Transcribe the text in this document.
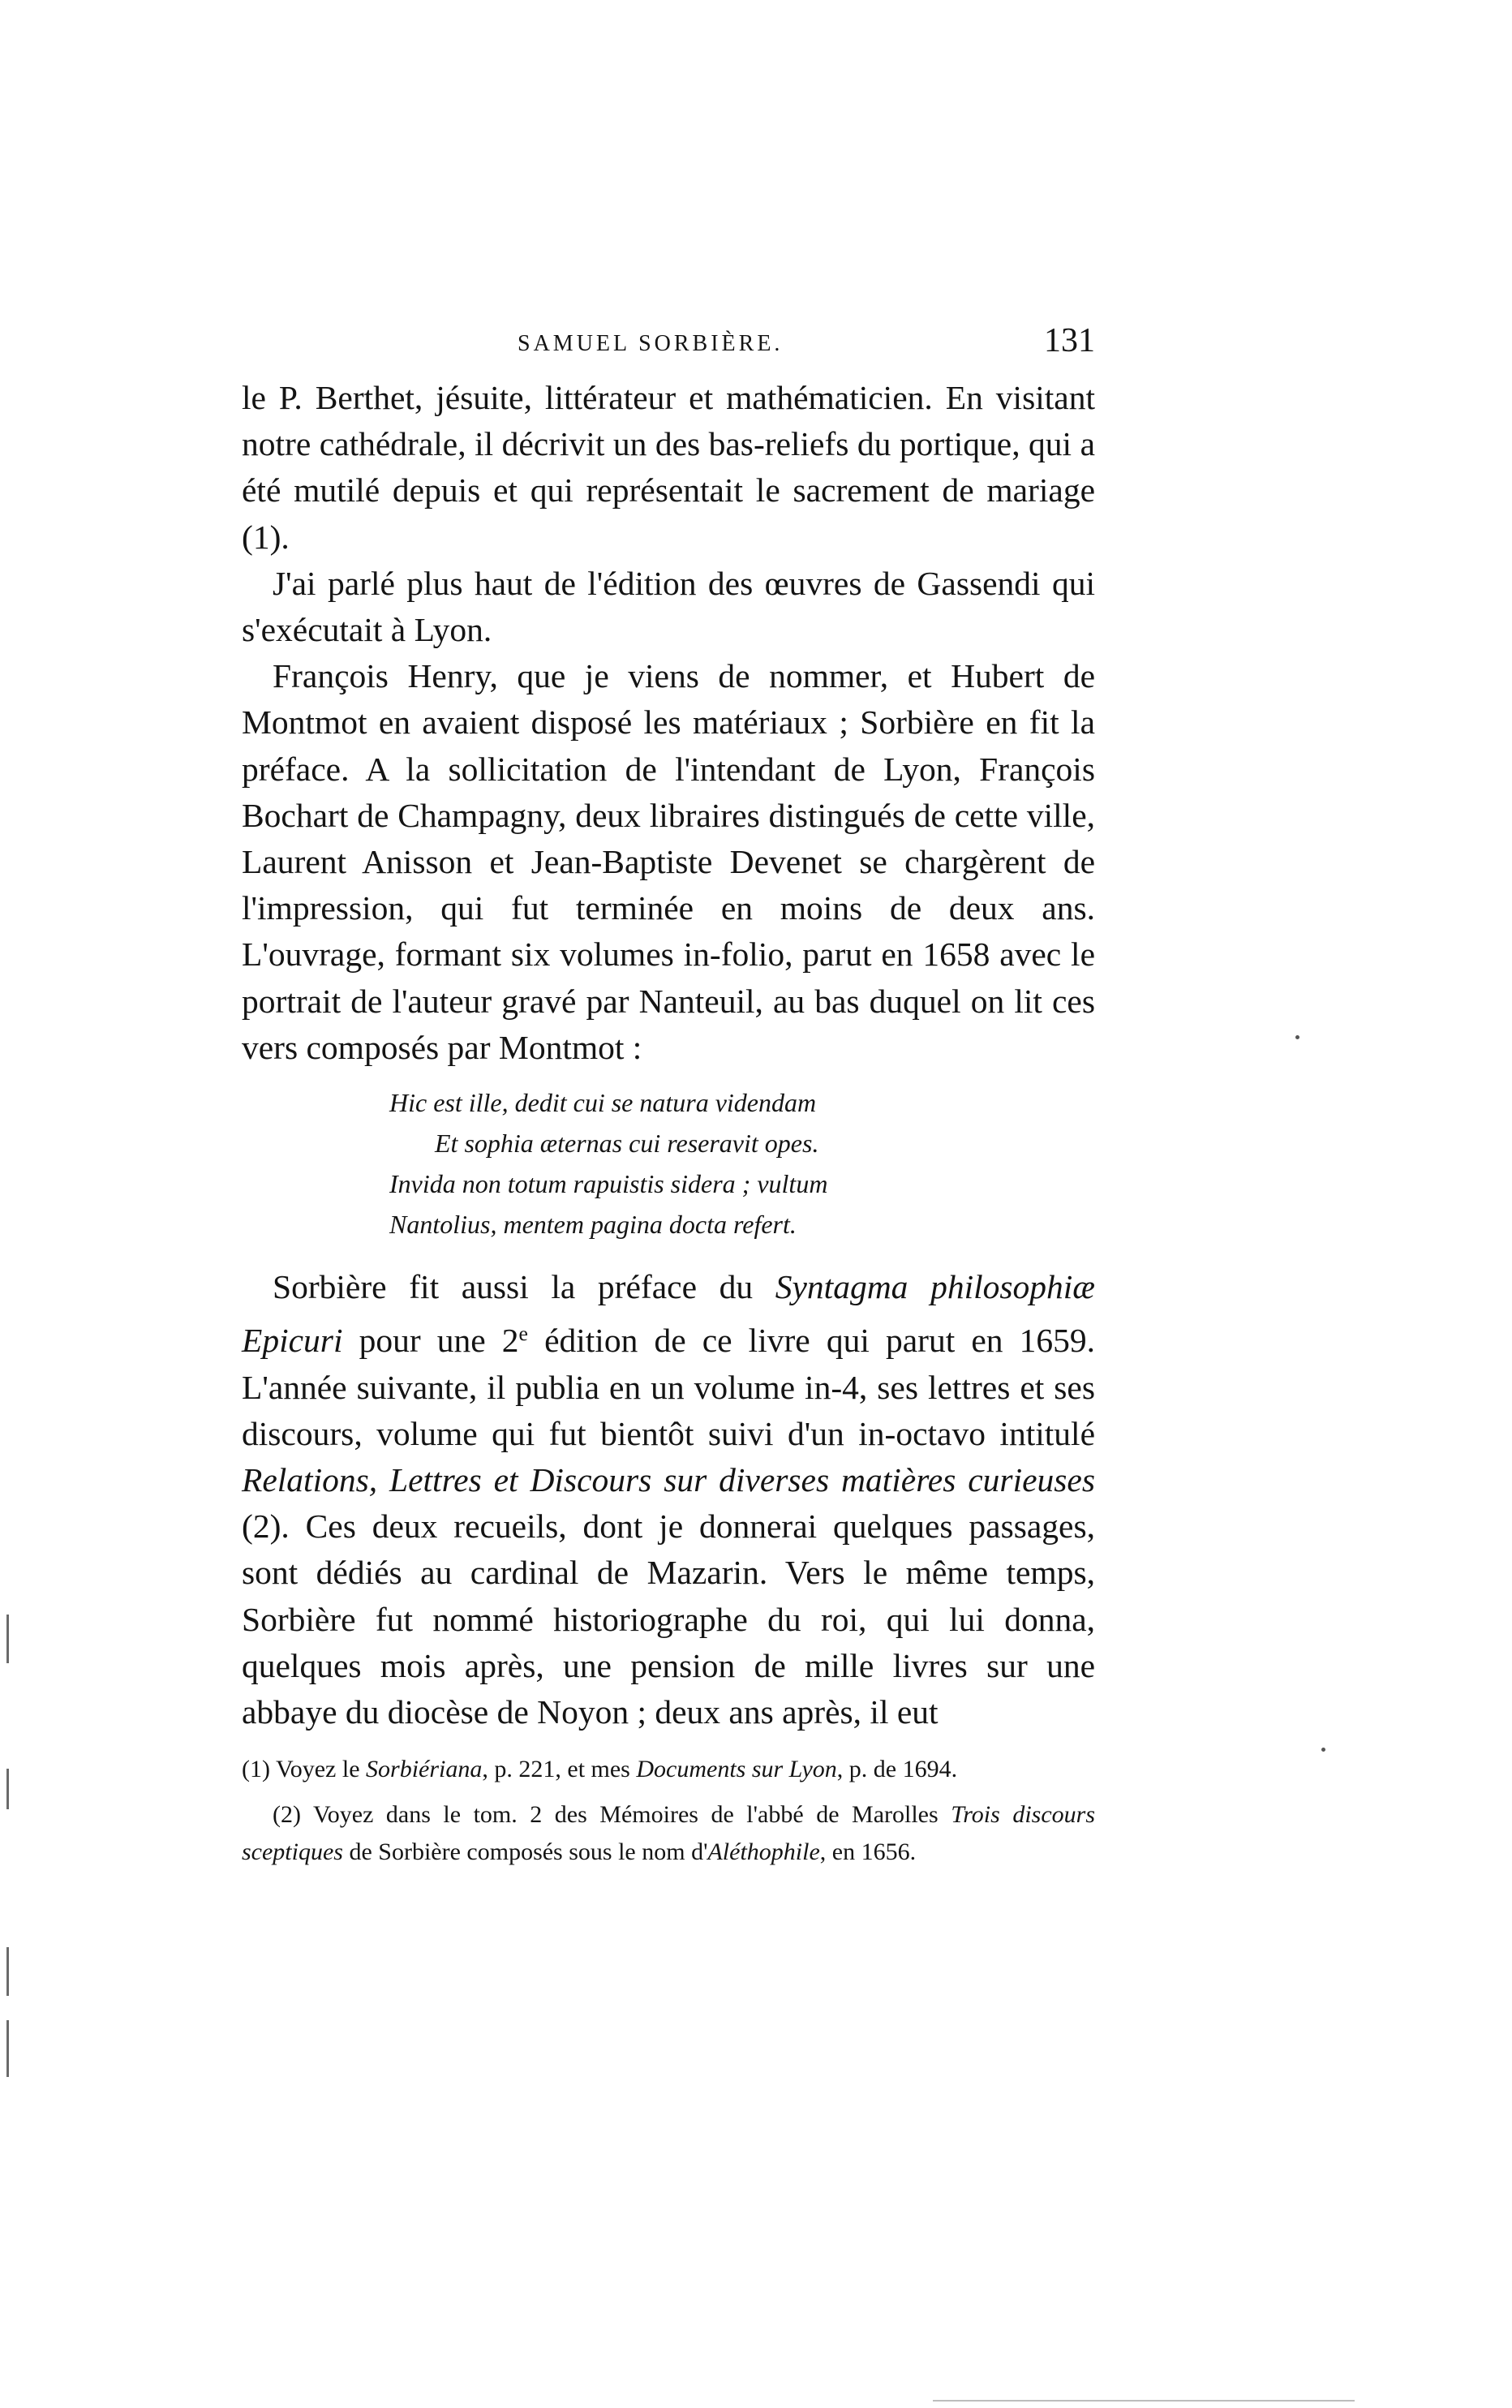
SAMUEL SORBIÈRE.	131

le P. Berthet, jésuite, littérateur et mathématicien. En visitant notre cathédrale, il décrivit un des bas-reliefs du portique, qui a été mutilé depuis et qui représentait le sacrement de mariage (1).

J'ai parlé plus haut de l'édition des œuvres de Gassendi qui s'exécutait à Lyon.

François Henry, que je viens de nommer, et Hubert de Montmot en avaient disposé les matériaux ; Sorbière en fit la préface. A la sollicitation de l'intendant de Lyon, François Bochart de Champagny, deux libraires distingués de cette ville, Laurent Anisson et Jean-Baptiste Devenet se chargèrent de l'impression, qui fut terminée en moins de deux ans. L'ouvrage, formant six volumes in-folio, parut en 1658 avec le portrait de l'auteur gravé par Nanteuil, au bas duquel on lit ces vers composés par Montmot :

Hic est ille, dedit cui se natura videndam
Et sophia æternas cui reseravit opes.
Invida non totum rapuistis sidera ; vultum
Nantolius, mentem pagina docta refert.

Sorbière fit aussi la préface du Syntagma philosophiæ Epicuri pour une 2e édition de ce livre qui parut en 1659. L'année suivante, il publia en un volume in-4, ses lettres et ses discours, volume qui fut bientôt suivi d'un in-octavo intitulé Relations, Lettres et Discours sur diverses matières curieuses (2). Ces deux recueils, dont je donnerai quelques passages, sont dédiés au cardinal de Mazarin. Vers le même temps, Sorbière fut nommé historiographe du roi, qui lui donna, quelques mois après, une pension de mille livres sur une abbaye du diocèse de Noyon ; deux ans après, il eut

(1) Voyez le Sorbiériana, p. 221, et mes Documents sur Lyon, p. de 1694.

(2) Voyez dans le tom. 2 des Mémoires de l'abbé de Marolles Trois discours sceptiques de Sorbière composés sous le nom d'Aléthophile, en 1656.
